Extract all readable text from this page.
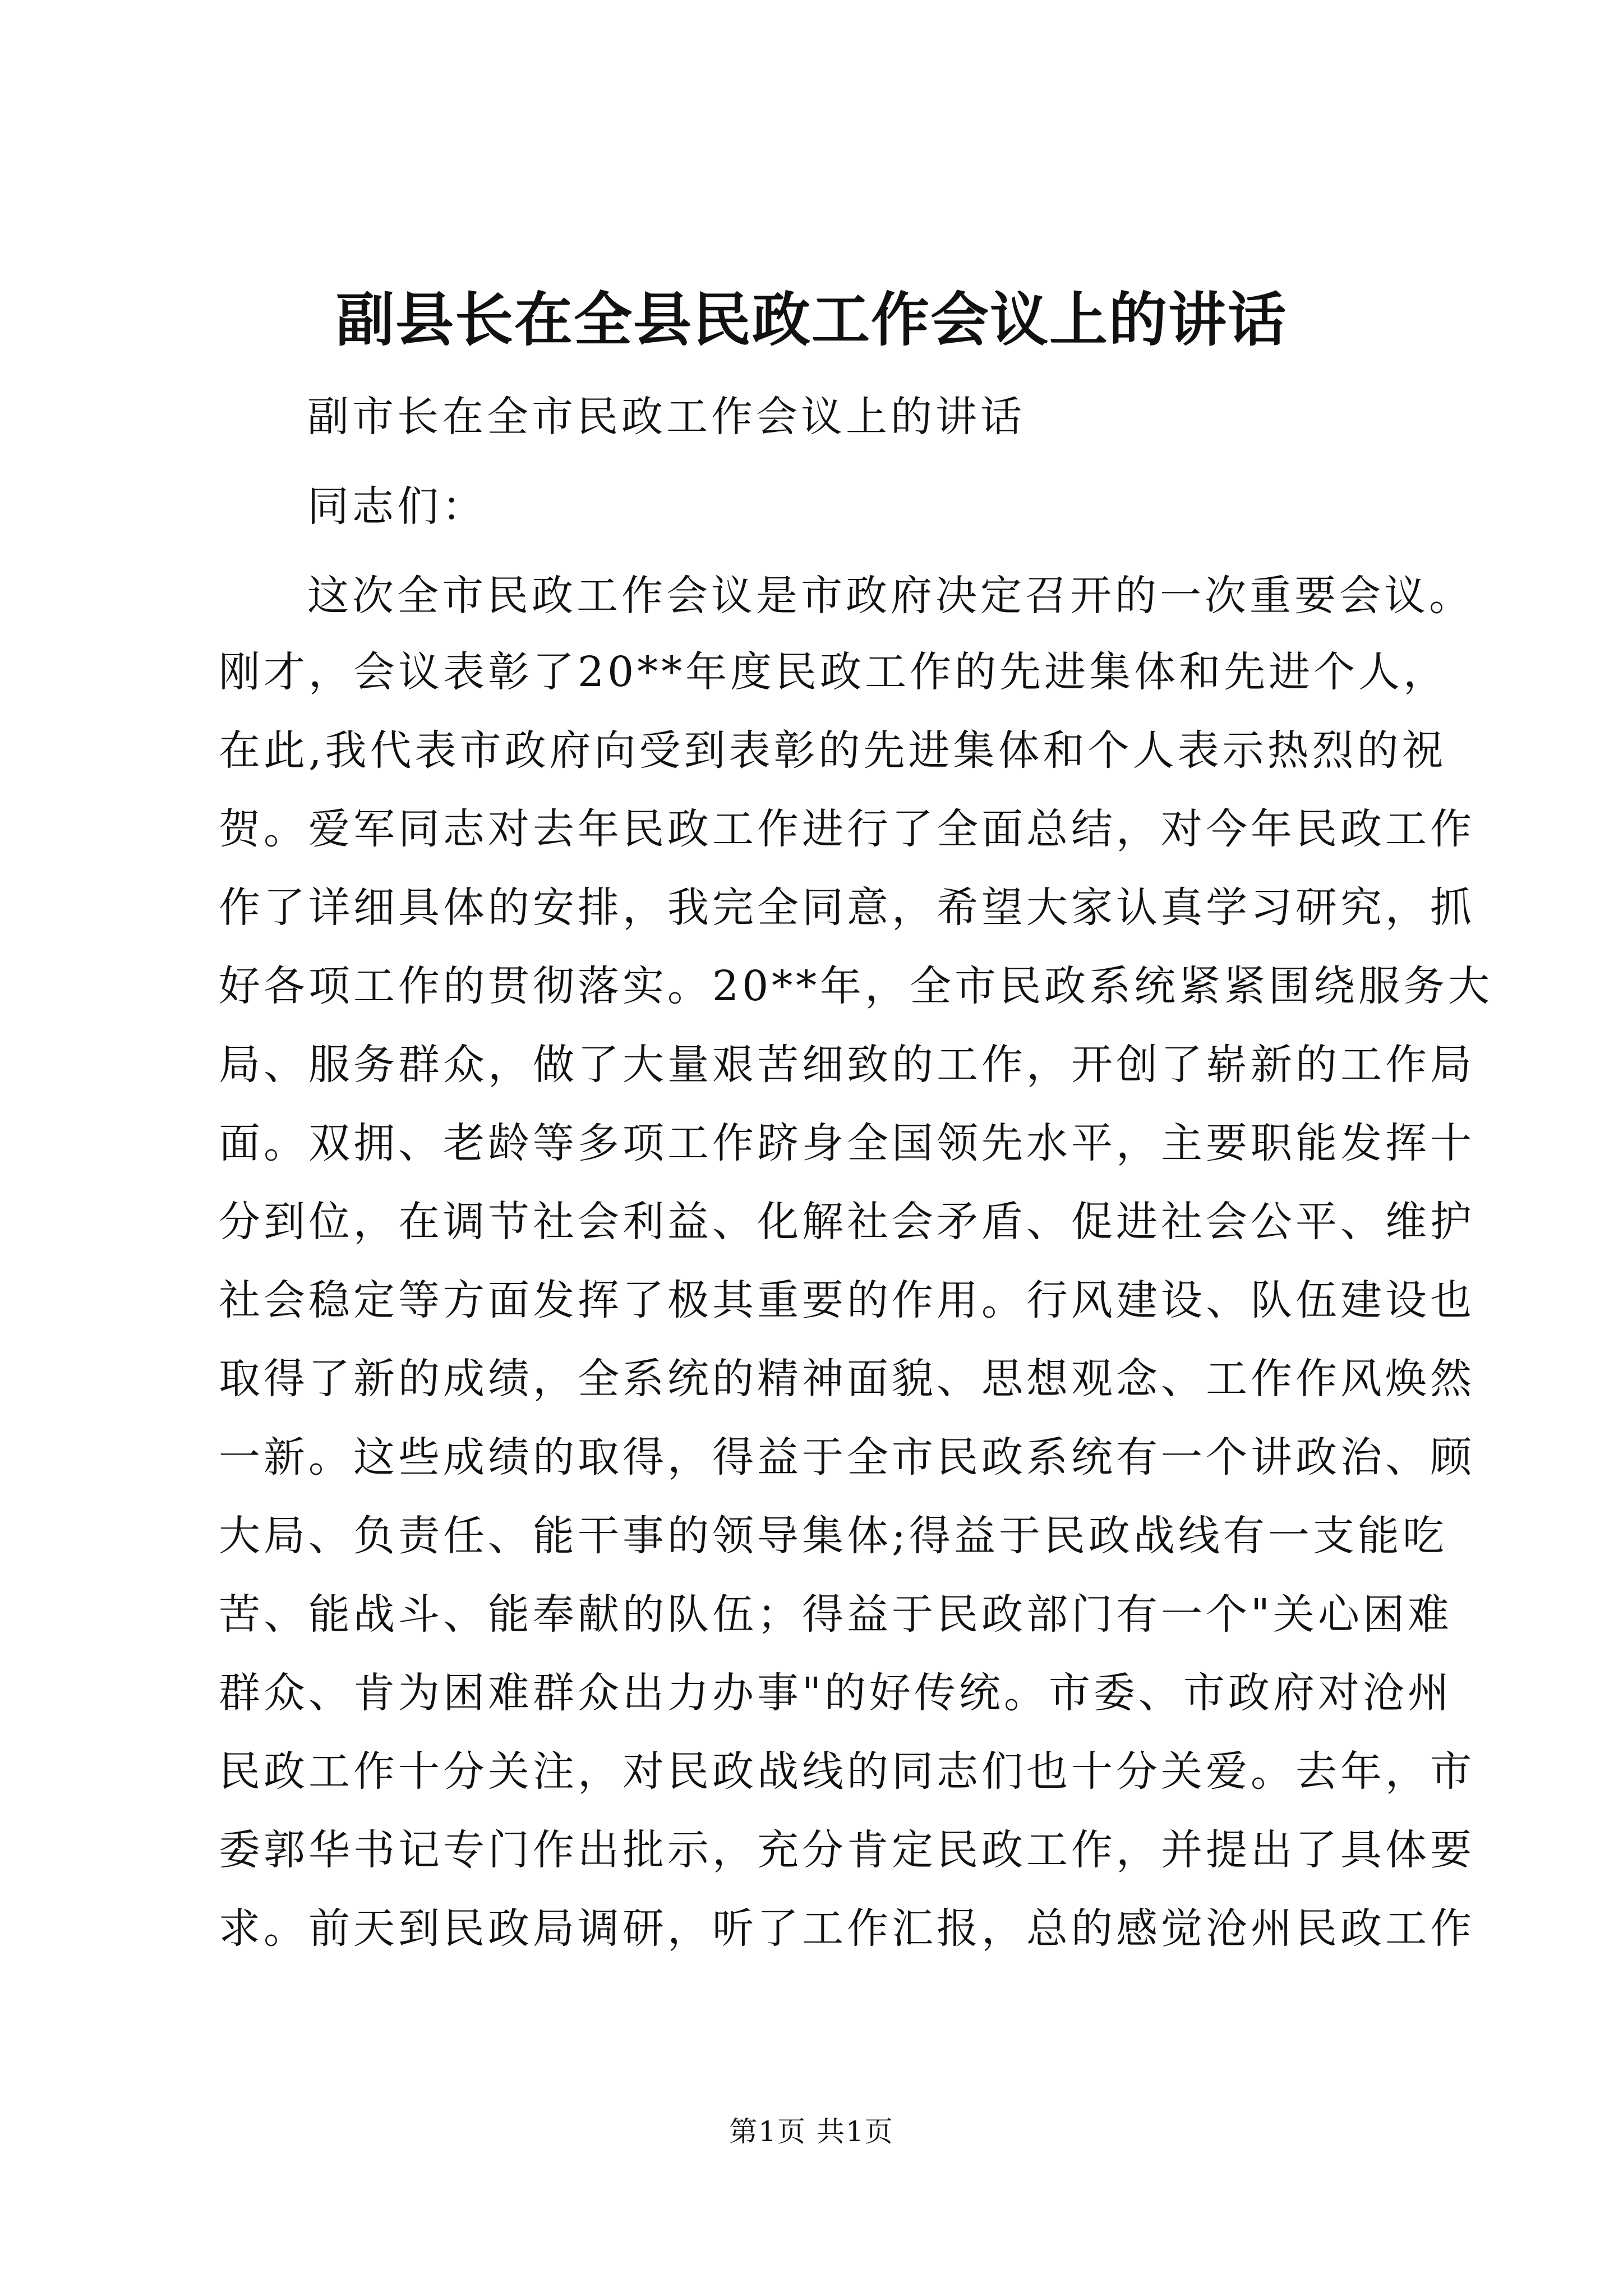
副县长在全县民政工作会议上的讲话
副市长在全市民政工作会议上的讲话
同志们：
这次全市民政工作会议是市政府决定召开的一次重要会议。
刚才，会议表彰了20**年度民政工作的先进集体和先进个人，
在此,我代表市政府向受到表彰的先进集体和个人表示热烈的祝
贺。爱军同志对去年民政工作进行了全面总结，对今年民政工作
作了详细具体的安排，我完全同意，希望大家认真学习研究，抓
好各项工作的贯彻落实。20**年，全市民政系统紧紧围绕服务大
局、服务群众，做了大量艰苦细致的工作，开创了崭新的工作局
面。双拥、老龄等多项工作跻身全国领先水平，主要职能发挥十
分到位，在调节社会利益、化解社会矛盾、促进社会公平、维护
社会稳定等方面发挥了极其重要的作用。行风建设、队伍建设也
取得了新的成绩，全系统的精神面貌、思想观念、工作作风焕然
一新。这些成绩的取得，得益于全市民政系统有一个讲政治、顾
大局、负责任、能干事的领导集体;得益于民政战线有一支能吃
苦、能战斗、能奉献的队伍；得益于民政部门有一个"关心困难
群众、肯为困难群众出力办事"的好传统。市委、市政府对沧州
民政工作十分关注，对民政战线的同志们也十分关爱。去年，市
委郭华书记专门作出批示，充分肯定民政工作，并提出了具体要
求。前天到民政局调研，听了工作汇报，总的感觉沧州民政工作
第1页 共1页
